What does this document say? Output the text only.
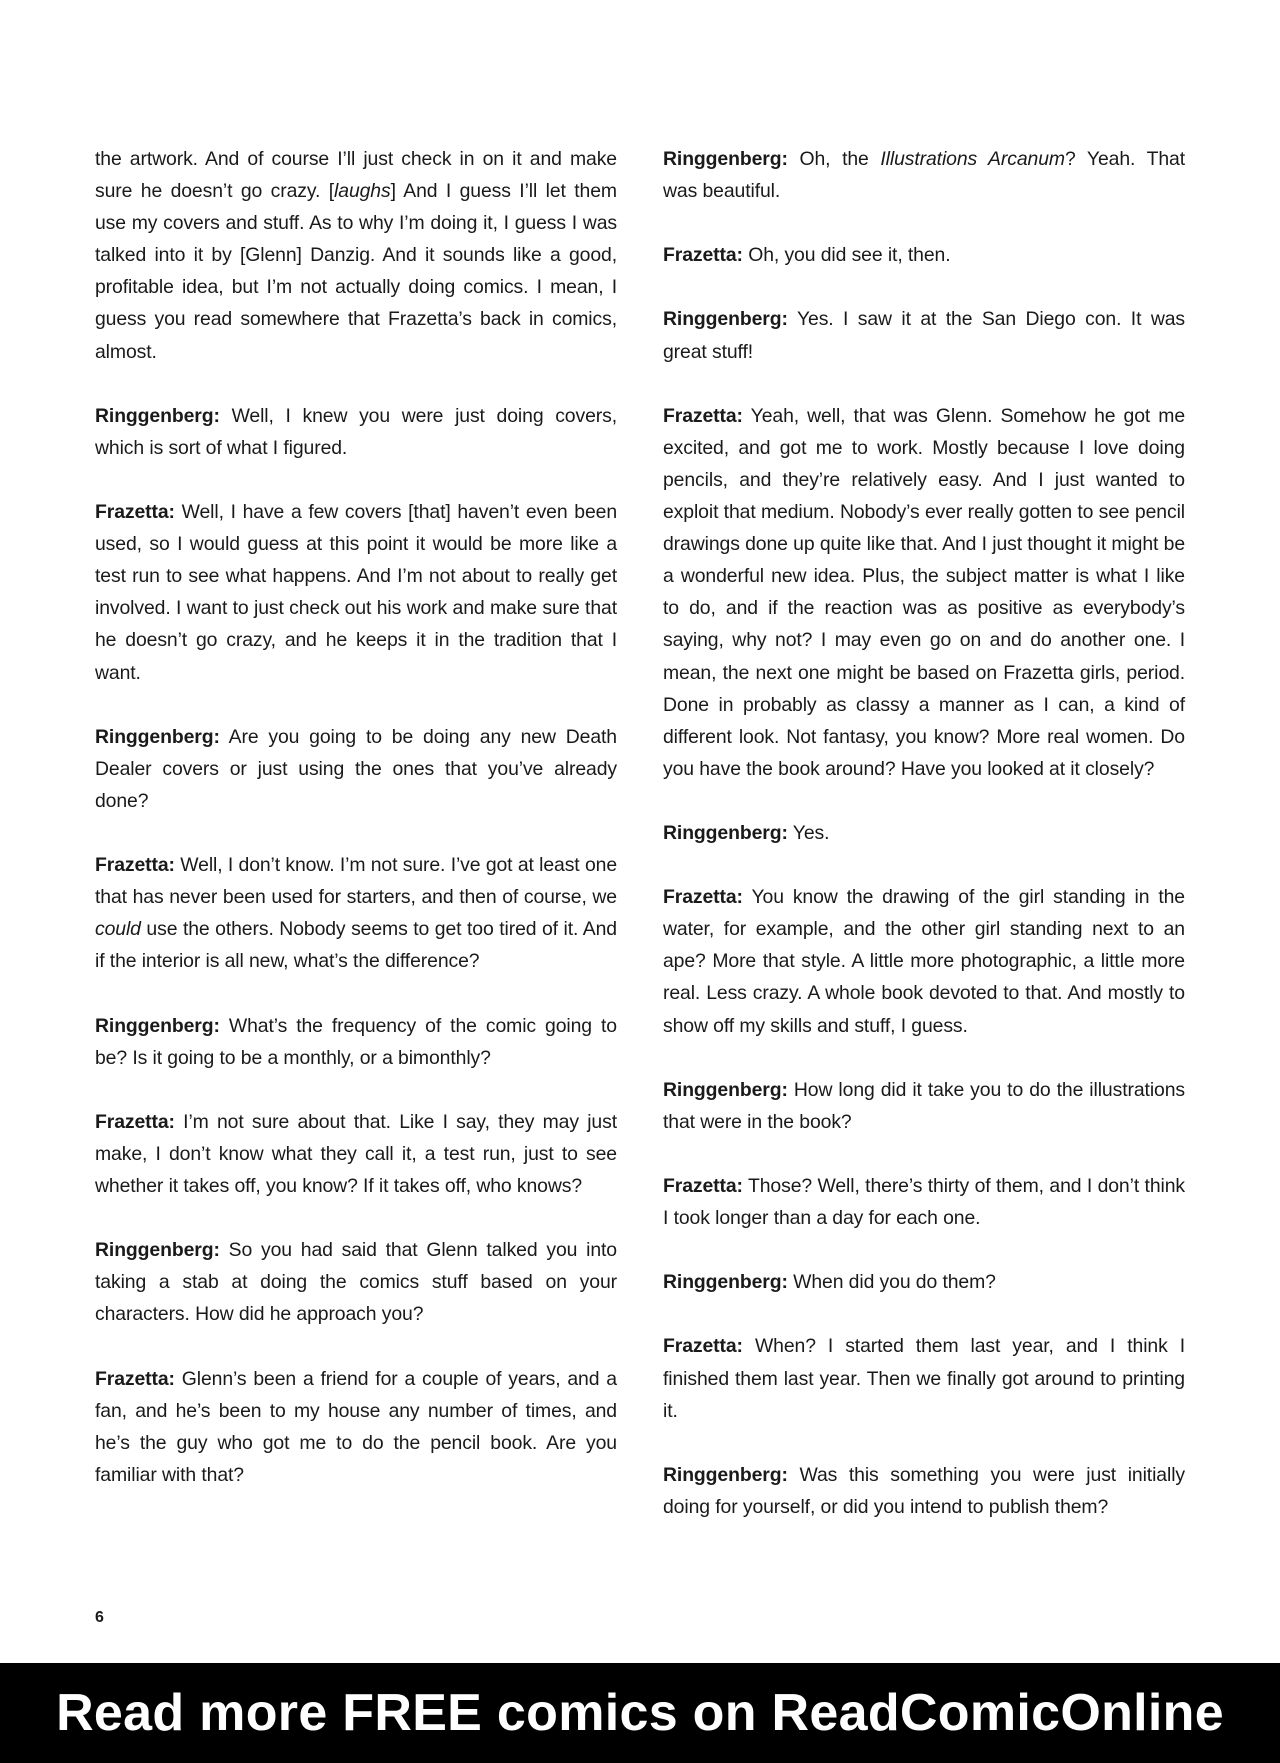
the artwork. And of course I’ll just check in on it and make sure he doesn’t go crazy. [laughs] And I guess I’ll let them use my covers and stuff. As to why I’m doing it, I guess I was talked into it by [Glenn] Danzig. And it sounds like a good, profitable idea, but I’m not actually doing comics. I mean, I guess you read somewhere that Frazetta’s back in comics, almost.

Ringgenberg: Well, I knew you were just doing covers, which is sort of what I figured.

Frazetta: Well, I have a few covers [that] haven’t even been used, so I would guess at this point it would be more like a test run to see what happens. And I’m not about to really get involved. I want to just check out his work and make sure that he doesn’t go crazy, and he keeps it in the tradition that I want.

Ringgenberg: Are you going to be doing any new Death Dealer covers or just using the ones that you’ve already done?

Frazetta: Well, I don’t know. I’m not sure. I’ve got at least one that has never been used for starters, and then of course, we could use the others. Nobody seems to get too tired of it. And if the interior is all new, what’s the difference?

Ringgenberg: What’s the frequency of the comic going to be? Is it going to be a monthly, or a bimonthly?

Frazetta: I’m not sure about that. Like I say, they may just make, I don’t know what they call it, a test run, just to see whether it takes off, you know? If it takes off, who knows?

Ringgenberg: So you had said that Glenn talked you into taking a stab at doing the comics stuff based on your characters. How did he approach you?

Frazetta: Glenn’s been a friend for a couple of years, and a fan, and he’s been to my house any number of times, and he’s the guy who got me to do the pencil book. Are you familiar with that?

Ringgenberg: Oh, the Illustrations Arcanum? Yeah. That was beautiful.

Frazetta: Oh, you did see it, then.

Ringgenberg: Yes. I saw it at the San Diego con. It was great stuff!

Frazetta: Yeah, well, that was Glenn. Somehow he got me excited, and got me to work. Mostly because I love doing pencils, and they’re relatively easy. And I just wanted to exploit that medium. Nobody’s ever really gotten to see pencil drawings done up quite like that. And I just thought it might be a wonderful new idea. Plus, the subject matter is what I like to do, and if the reaction was as positive as everybody’s saying, why not? I may even go on and do another one. I mean, the next one might be based on Frazetta girls, period. Done in probably as classy a manner as I can, a kind of different look. Not fantasy, you know? More real women. Do you have the book around? Have you looked at it closely?

Ringgenberg: Yes.

Frazetta: You know the drawing of the girl standing in the water, for example, and the other girl standing next to an ape? More that style. A little more photographic, a little more real. Less crazy. A whole book devoted to that. And mostly to show off my skills and stuff, I guess.

Ringgenberg: How long did it take you to do the illustrations that were in the book?

Frazetta: Those? Well, there’s thirty of them, and I don’t think I took longer than a day for each one.

Ringgenberg: When did you do them?

Frazetta: When? I started them last year, and I think I finished them last year. Then we finally got around to printing it.

Ringgenberg: Was this something you were just initially doing for yourself, or did you intend to publish them?

6
Read more FREE comics on ReadComicOnline
